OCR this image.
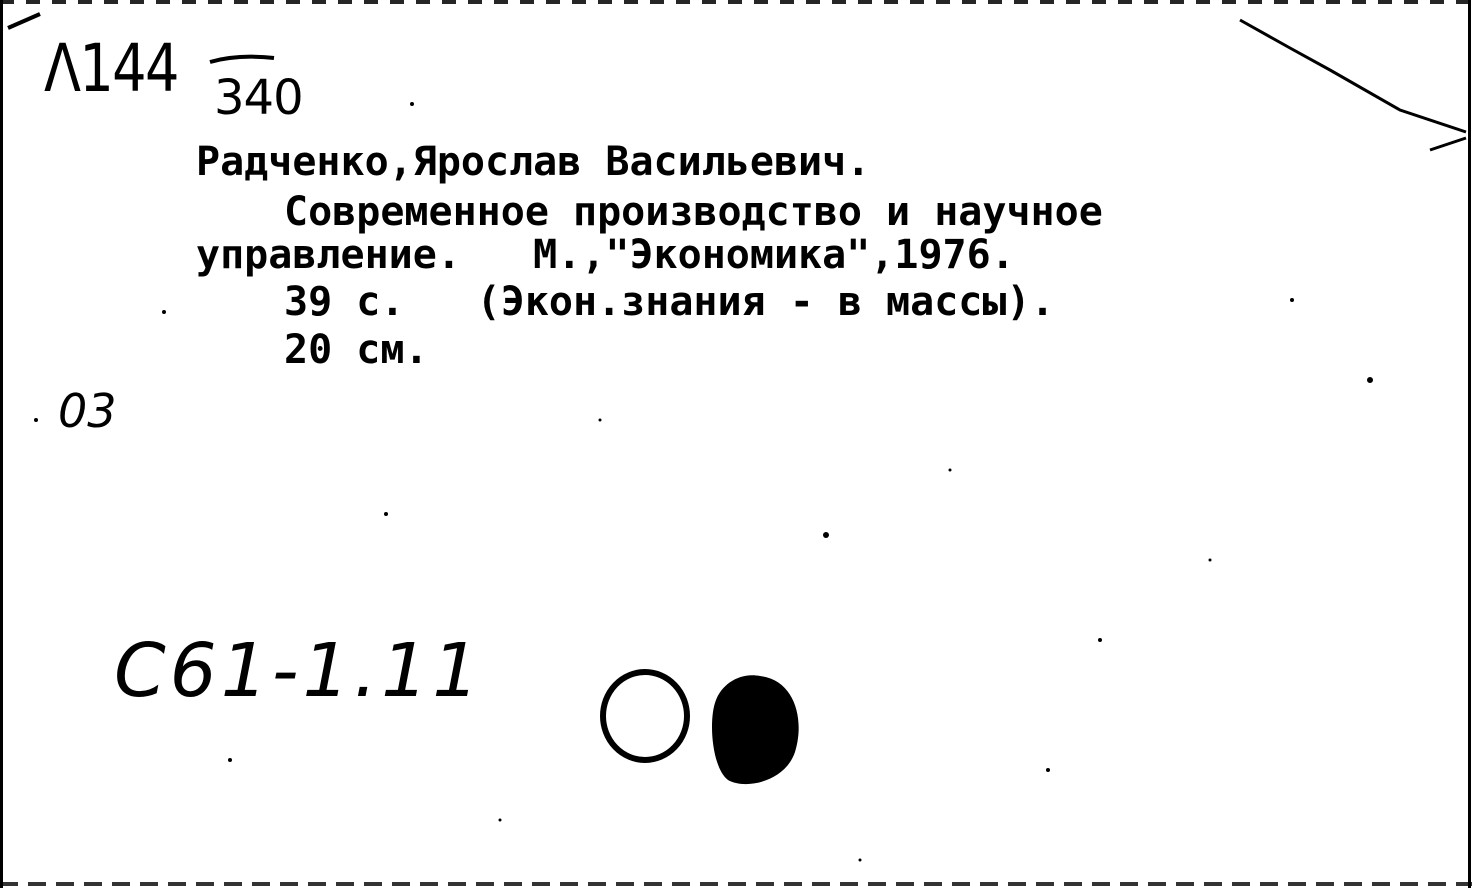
Λ144 340
Радченко,Ярослав Васильевич.
Современное производство и научное
управление.   М.,"Экономика",1976.
39 с.   (Экон.знания - в массы).
20 см.
03
C61-1.11
